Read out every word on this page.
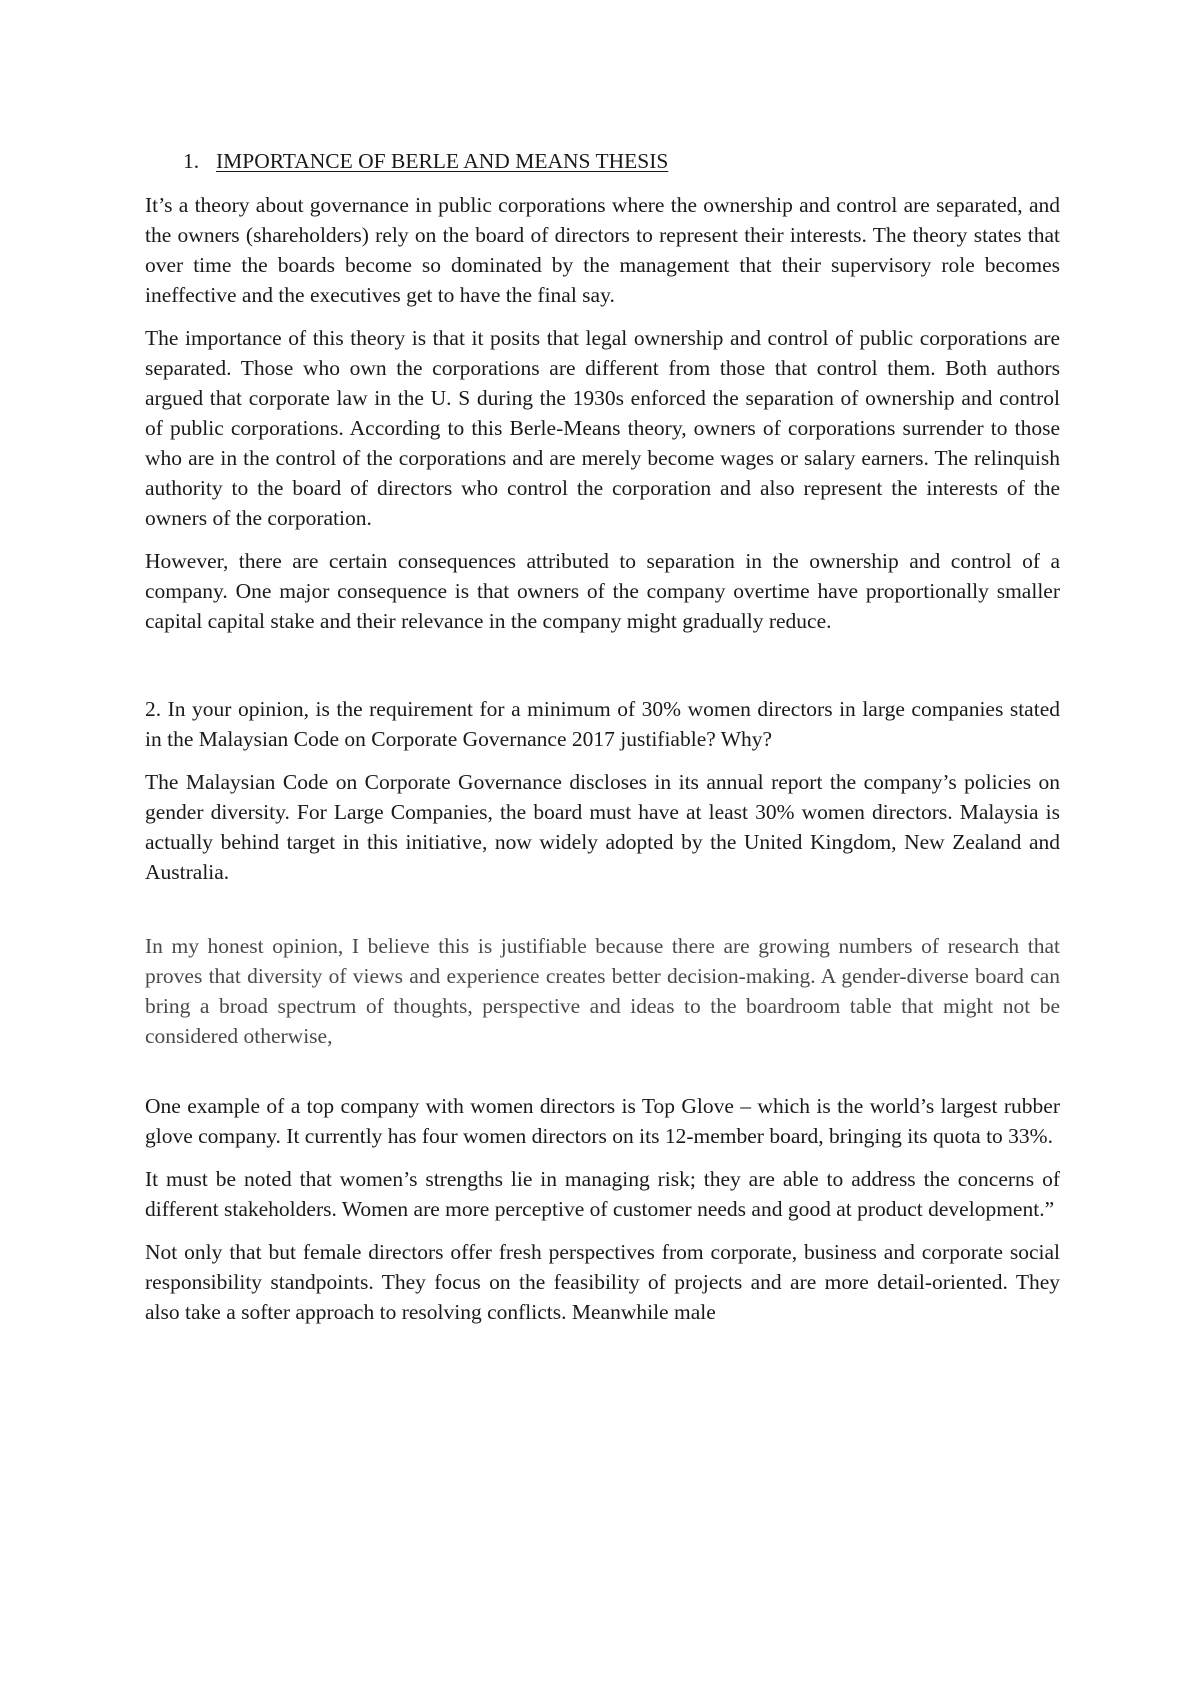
1. IMPORTANCE OF BERLE AND MEANS THESIS

It’s a theory about governance in public corporations where the ownership and control are separated, and the owners (shareholders) rely on the board of directors to represent their interests. The theory states that over time the boards become so dominated by the management that their supervisory role becomes ineffective and the executives get to have the final say.

The importance of this theory is that it posits that legal ownership and control of public corporations are separated. Those who own the corporations are different from those that control them. Both authors argued that corporate law in the U. S during the 1930s enforced the separation of ownership and control of public corporations. According to this Berle-Means theory, owners of corporations surrender to those who are in the control of the corporations and are merely become wages or salary earners. The relinquish authority to the board of directors who control the corporation and also represent the interests of the owners of the corporation.

However, there are certain consequences attributed to separation in the ownership and control of a company. One major consequence is that owners of the company overtime have proportionally smaller capital capital stake and their relevance in the company might gradually reduce.

2. In your opinion, is the requirement for a minimum of 30% women directors in large companies stated in the Malaysian Code on Corporate Governance 2017 justifiable? Why?

The Malaysian Code on Corporate Governance discloses in its annual report the company’s policies on gender diversity. For Large Companies, the board must have at least 30% women directors. Malaysia is actually behind target in this initiative, now widely adopted by the United Kingdom, New Zealand and Australia.

In my honest opinion, I believe this is justifiable because there are growing numbers of research that proves that diversity of views and experience creates better decision-making. A gender-diverse board can bring a broad spectrum of thoughts, perspective and ideas to the boardroom table that might not be considered otherwise,

One example of a top company with women directors is Top Glove – which is the world’s largest rubber glove company. It currently has four women directors on its 12-member board, bringing its quota to 33%.

It must be noted that women’s strengths lie in managing risk; they are able to address the concerns of different stakeholders. Women are more perceptive of customer needs and good at product development.”

Not only that but female directors offer fresh perspectives from corporate, business and corporate social responsibility standpoints. They focus on the feasibility of projects and are more detail-oriented. They also take a softer approach to resolving conflicts. Meanwhile male
